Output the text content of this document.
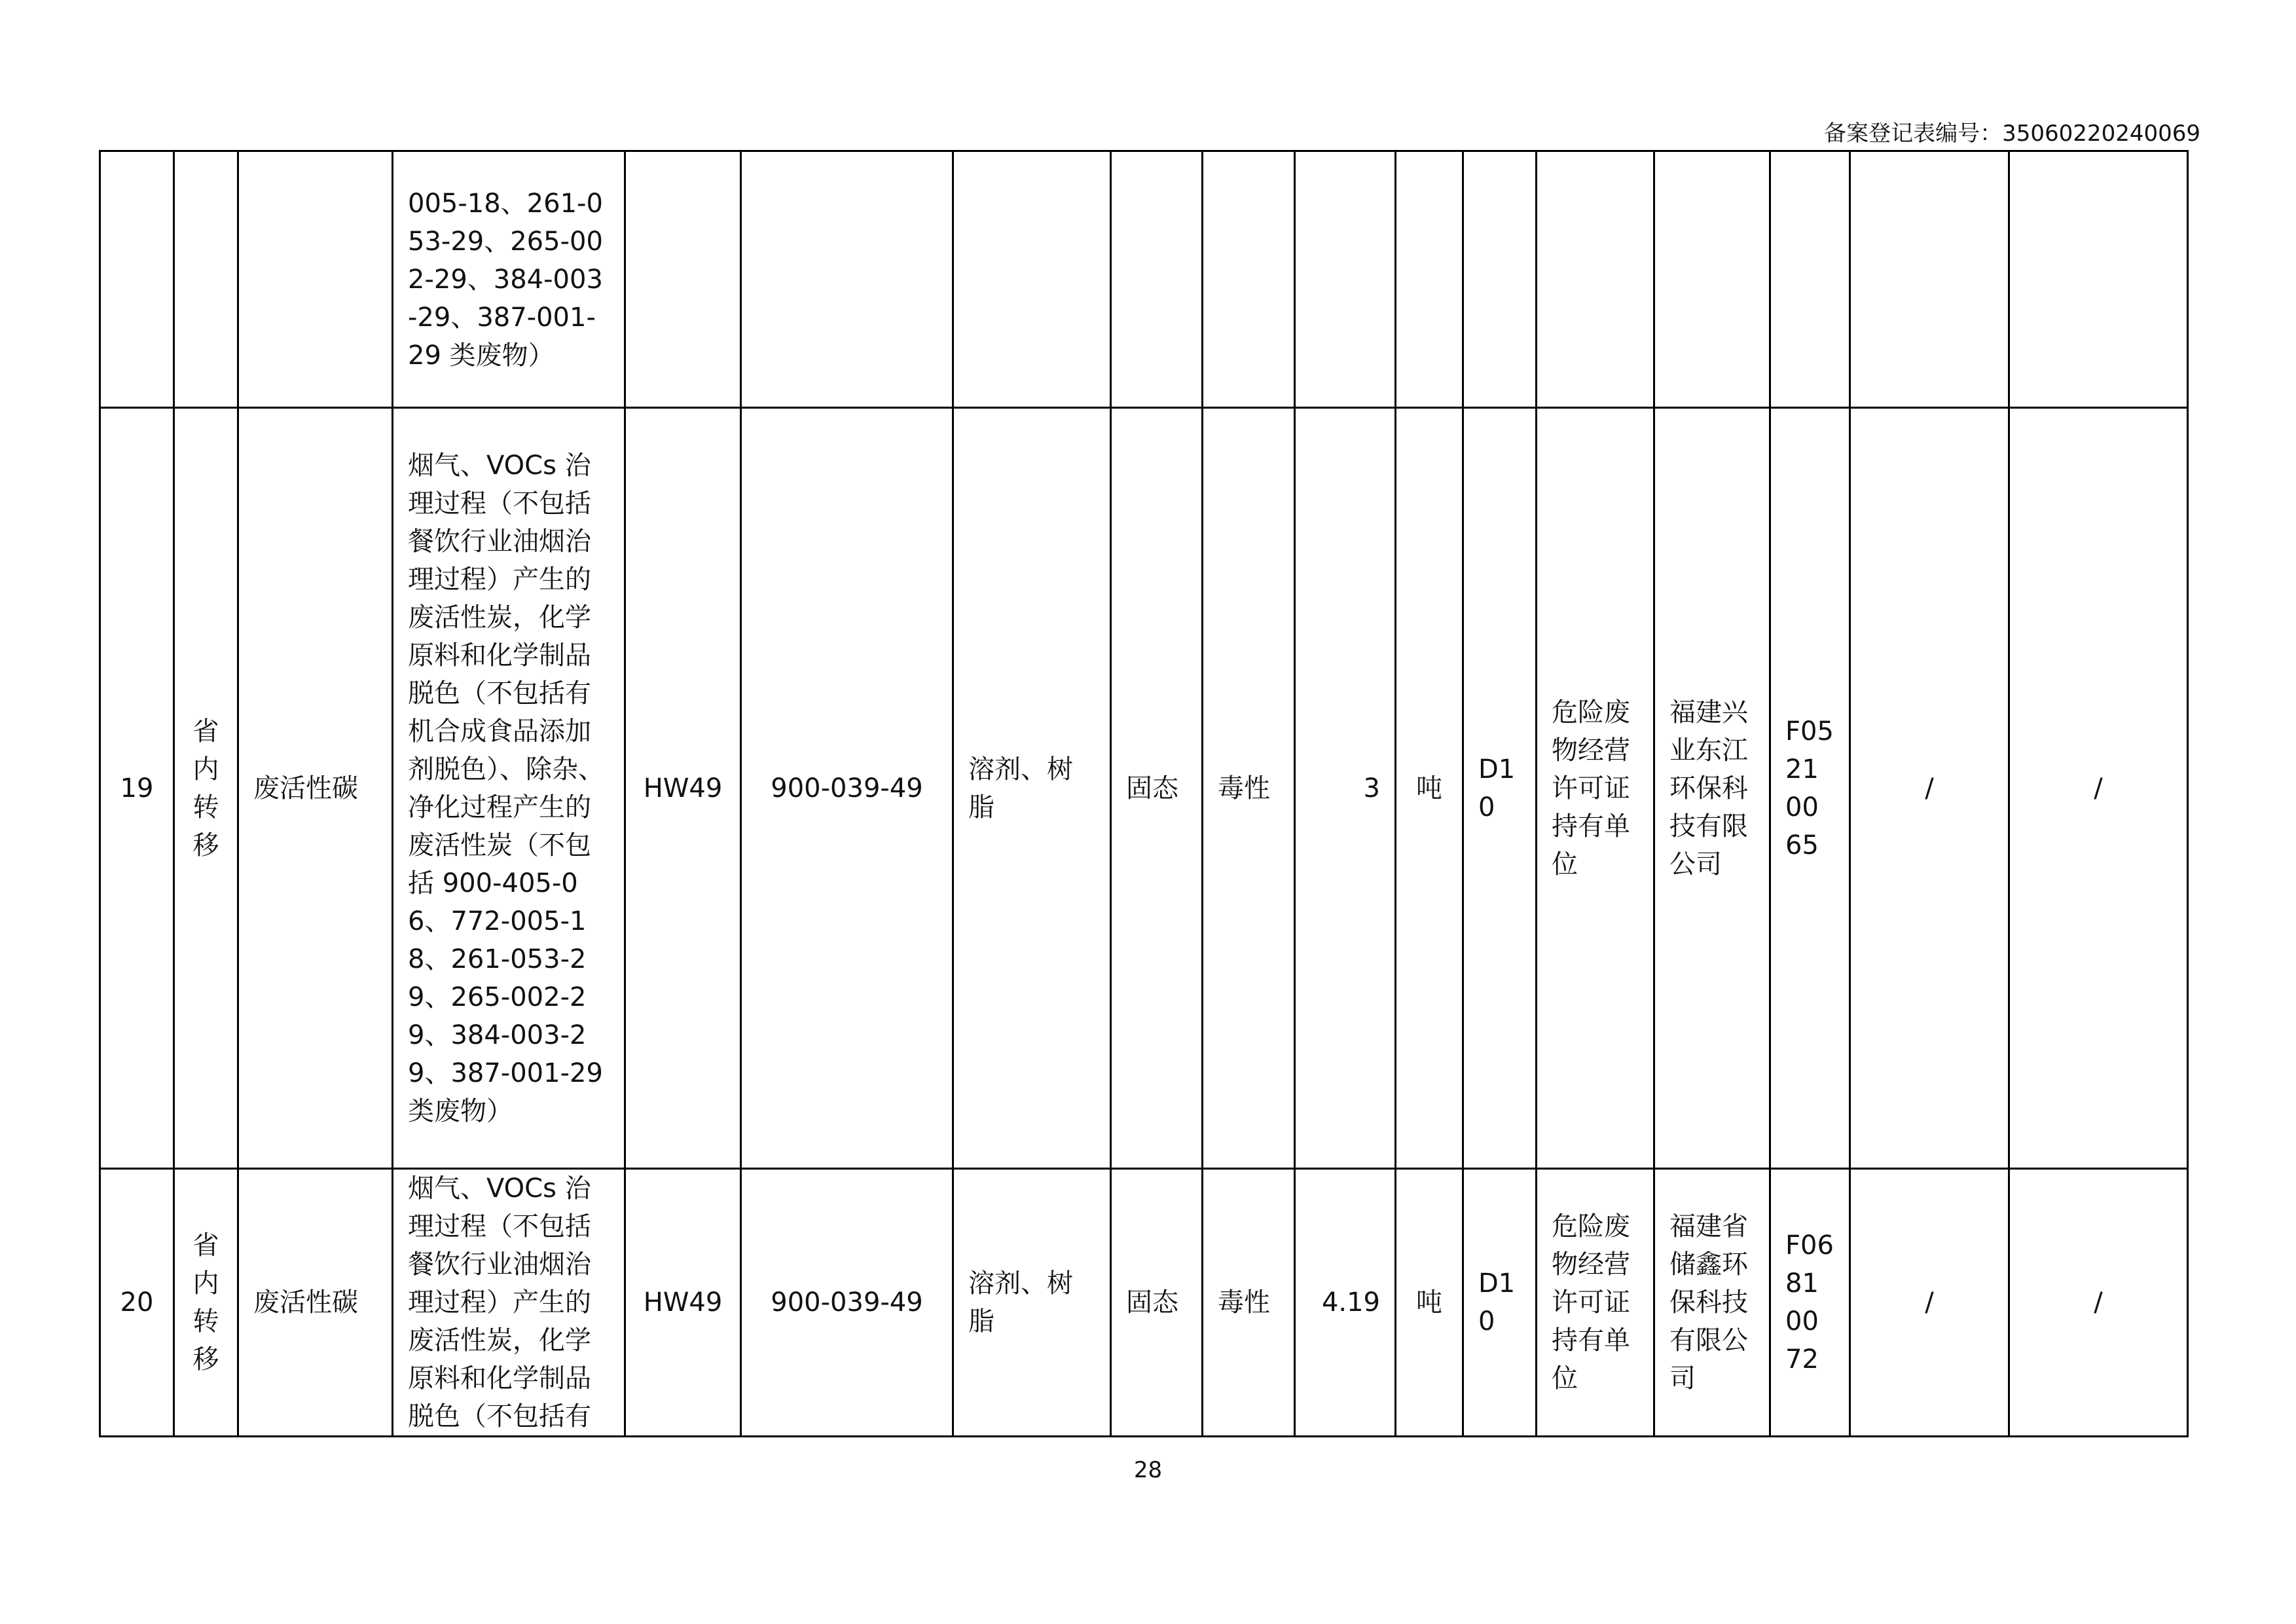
备案登记表编号：35060220240069
			005-18、261-053-29、265-002-29、384-003-29、387-001-29 类废物）													
19	省内转移	废活性碳	烟气、VOCs 治理过程（不包括餐饮行业油烟治理过程）产生的废活性炭，化学原料和化学制品脱色（不包括有机合成食品添加剂脱色）、除杂、净化过程产生的废活性炭（不包括 900-405-06、772-005-18、261-053-29、265-002-29、384-003-29、387-001-29 类废物）	HW49	900-039-49	溶剂、树脂	固态	毒性	3	吨	D10	危险废物经营许可证持有单位	福建兴业东江环保科技有限公司	F05210065	/	/
20	省内转移	废活性碳	烟气、VOCs 治理过程（不包括餐饮行业油烟治理过程）产生的废活性炭，化学原料和化学制品脱色（不包括有	HW49	900-039-49	溶剂、树脂	固态	毒性	4.19	吨	D10	危险废物经营许可证持有单位	福建省储鑫环保科技有限公司	F06810072	/	/
28
